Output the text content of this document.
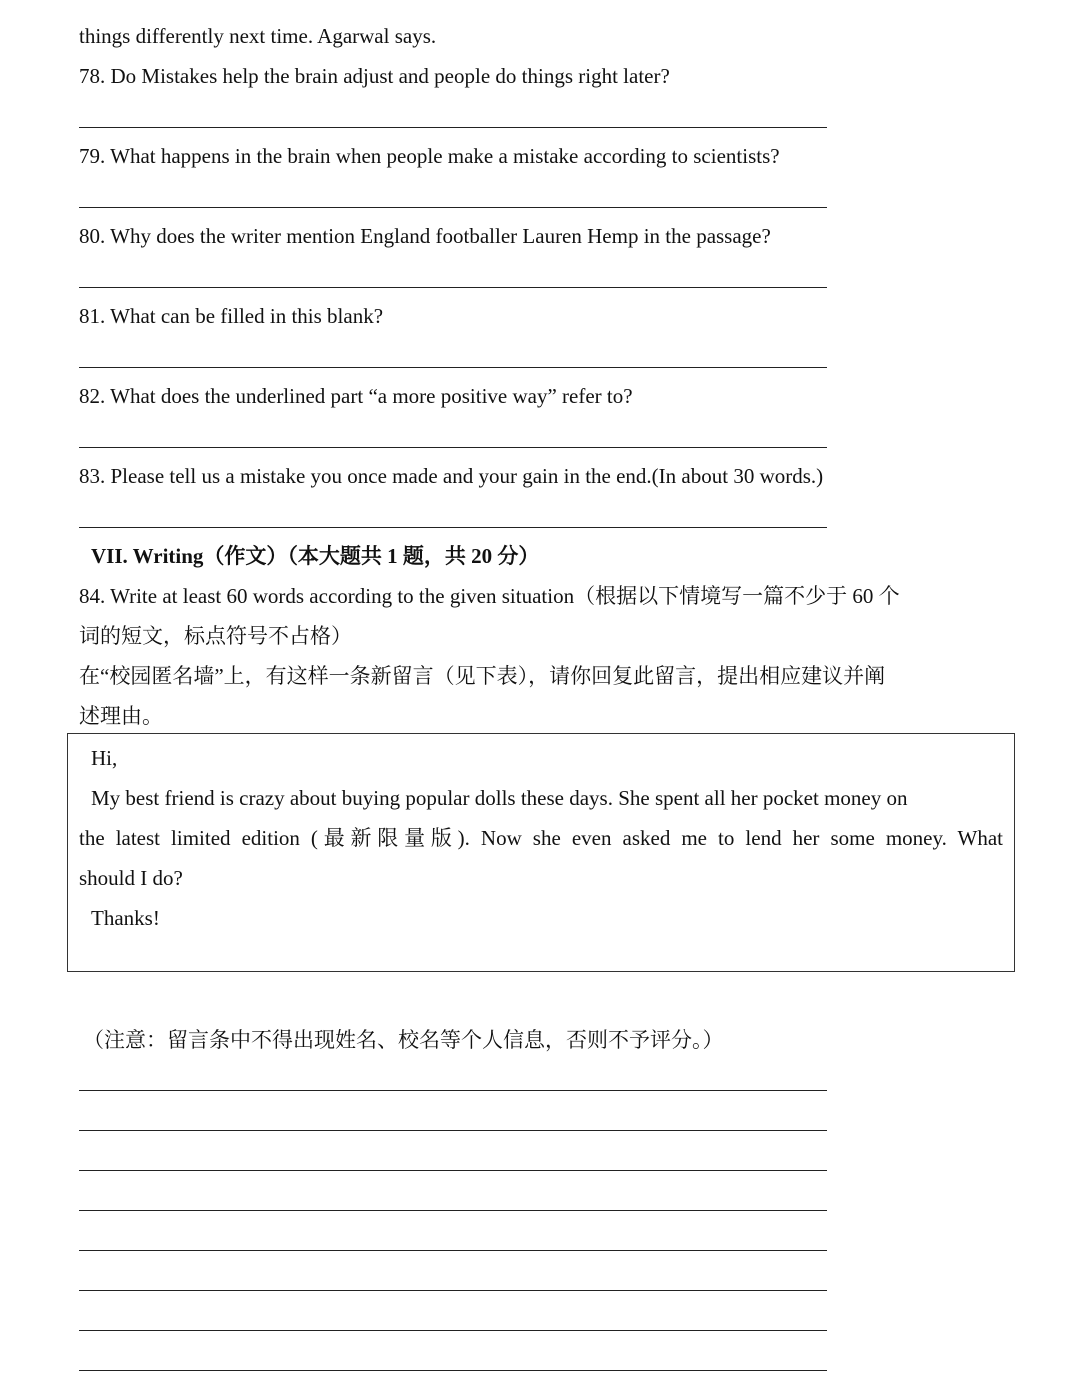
things differently next time. Agarwal says.
78. Do Mistakes help the brain adjust and people do things right later?
79. What happens in the brain when people make a mistake according to scientists?
80. Why does the writer mention England footballer Lauren Hemp in the passage?
81. What can be filled in this blank?
82. What does the underlined part “a more positive way” refer to?
83. Please tell us a mistake you once made and your gain in the end.(In about 30 words.)
VII. Writing（作文）（本大题共 1 题，共 20 分）
84. Write at least 60 words according to the given situation（根据以下情境写一篇不少于 60 个
词的短文，标点符号不占格）
在“校园匿名墙”上，有这样一条新留言（见下表），请你回复此留言，提出相应建议并阐
述理由。
Hi,
My best friend is crazy about buying popular dolls these days. She spent all her pocket money on
the latest limited edition (最新限量版). Now she even asked me to lend her some money. What
should I do?
Thanks!
（注意：留言条中不得出现姓名、校名等个人信息，否则不予评分。）
